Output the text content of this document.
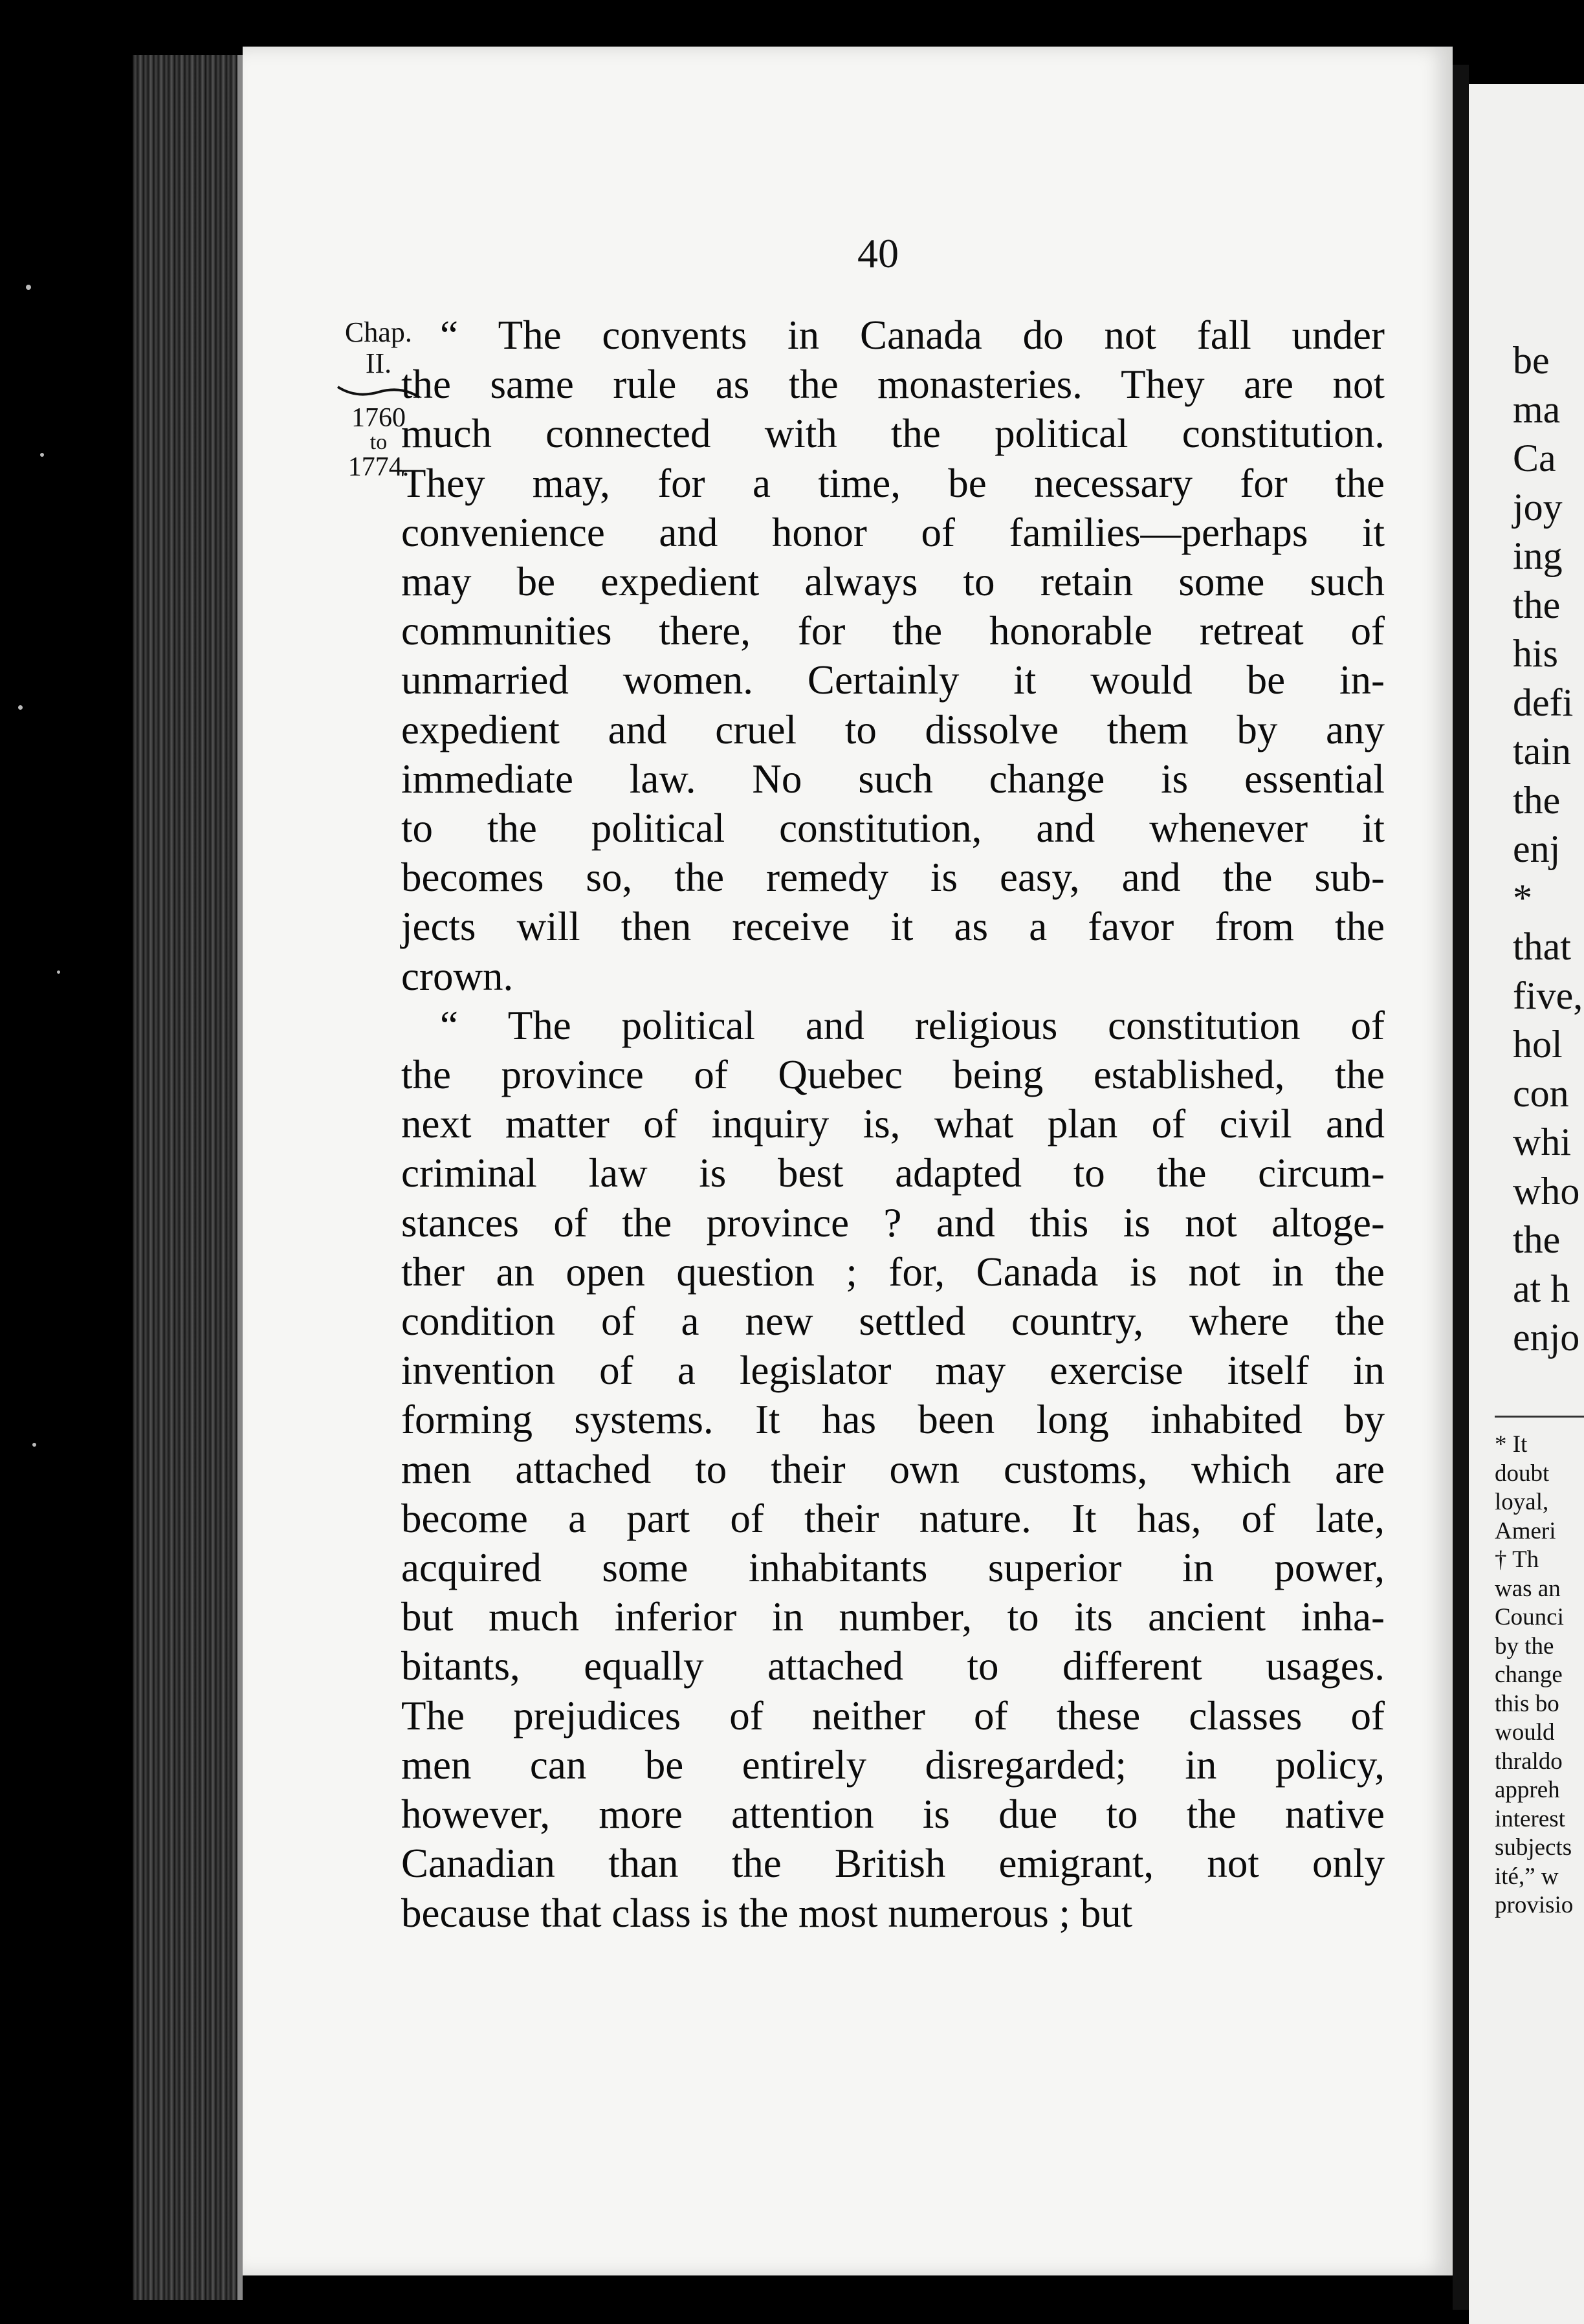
40
Chap.
II.
1760
to
1774.
“ The convents in Canada do not fall under
the same rule as the monasteries. They are not
much connected with the political constitution.
They may, for a time, be necessary for the
convenience and honor of families—perhaps it
may be expedient always to retain some such
communities there, for the honorable retreat of
unmarried women. Certainly it would be in-
expedient and cruel to dissolve them by any
immediate law. No such change is essential
to the political constitution, and whenever it
becomes so, the remedy is easy, and the sub-
jects will then receive it as a favor from the
crown.
“ The political and religious constitution of
the province of Quebec being established, the
next matter of inquiry is, what plan of civil and
criminal law is best adapted to the circum-
stances of the province ? and this is not altoge-
ther an open question ; for, Canada is not in the
condition of a new settled country, where the
invention of a legislator may exercise itself in
forming systems. It has been long inhabited by
men attached to their own customs, which are
become a part of their nature. It has, of late,
acquired some inhabitants superior in power,
but much inferior in number, to its ancient inha-
bitants, equally attached to different usages.
The prejudices of neither of these classes of
men can be entirely disregarded; in policy,
however, more attention is due to the native
Canadian than the British emigrant, not only
because that class is the most numerous ; but
be
ma
Ca
joy
ing
the
his
defi
tain
the
enj
*
that
five,
hol
con
whi
who
the
at h
enjo
* It
doubt
loyal,
Ameri
† Th
was an
Counci
by the
change
this bo
would
thraldo
appreh
interest
subjects
ité,” w
provisio
